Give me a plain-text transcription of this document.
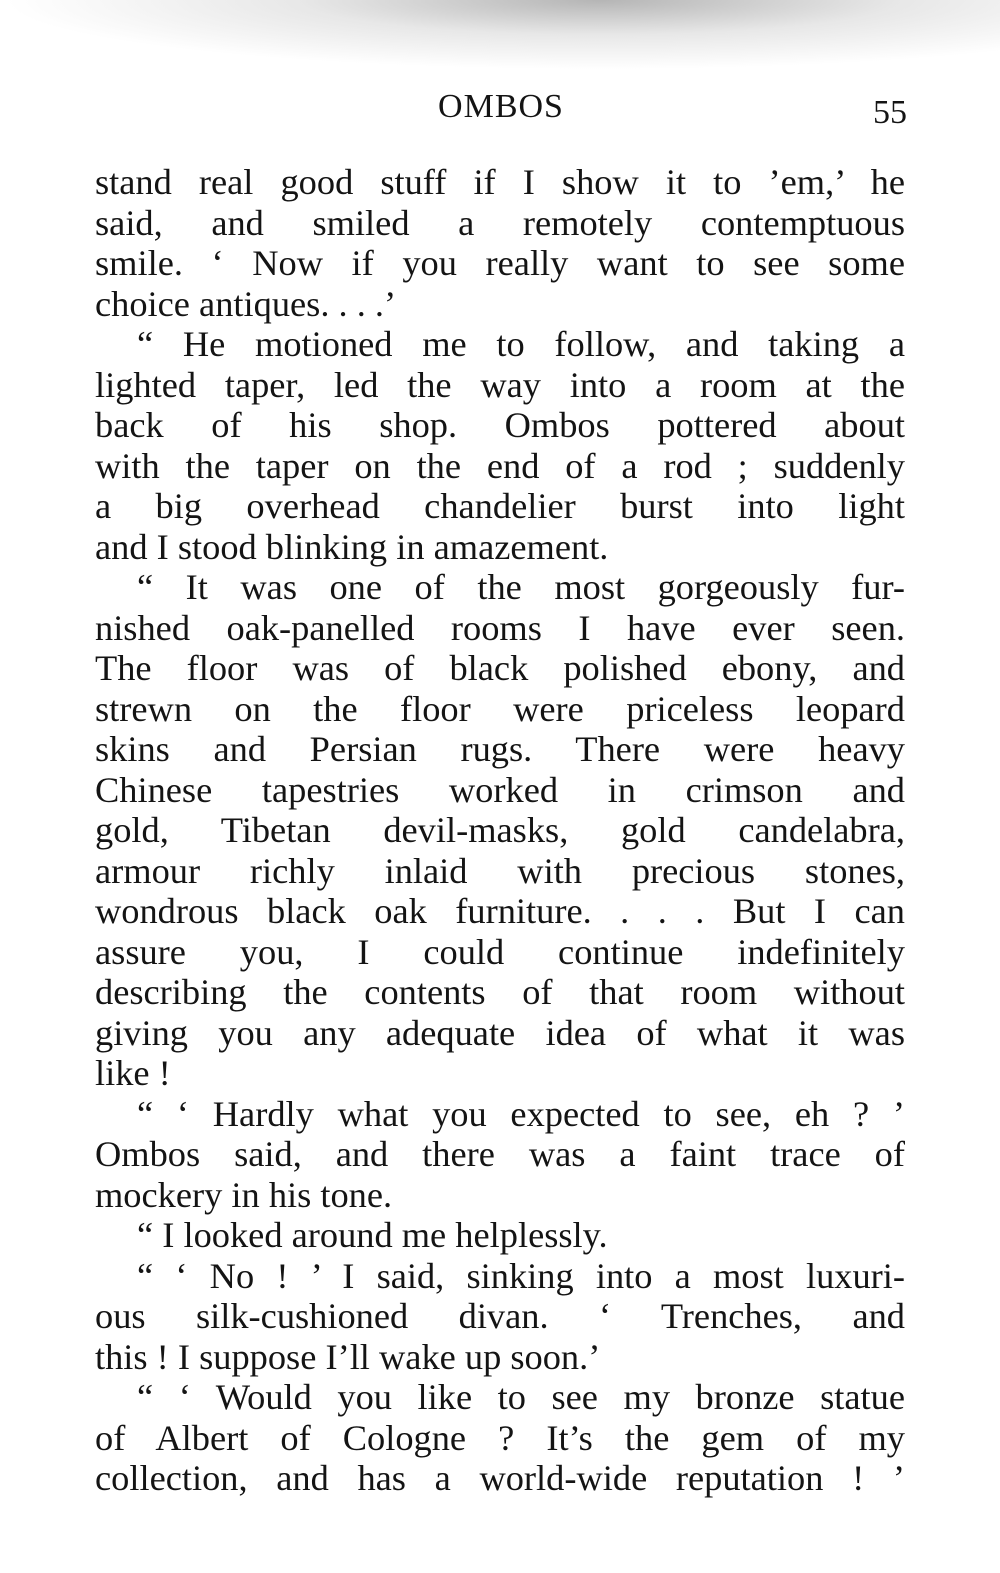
OMBOS	55
stand real good stuff if I show it to ’em,’ he
said, and smiled a remotely contemptuous
smile. ‘ Now if you really want to see some
choice antiques. . . .’
“ He motioned me to follow, and taking a
lighted taper, led the way into a room at the
back of his shop. Ombos pottered about
with the taper on the end of a rod ; suddenly
a big overhead chandelier burst into light
and I stood blinking in amazement.
“ It was one of the most gorgeously fur-
nished oak-panelled rooms I have ever seen.
The floor was of black polished ebony, and
strewn on the floor were priceless leopard
skins and Persian rugs. There were heavy
Chinese tapestries worked in crimson and
gold, Tibetan devil-masks, gold candelabra,
armour richly inlaid with precious stones,
wondrous black oak furniture. . . . But I can
assure you, I could continue indefinitely
describing the contents of that room without
giving you any adequate idea of what it was
like !
“ ‘ Hardly what you expected to see, eh ? ’
Ombos said, and there was a faint trace of
mockery in his tone.
“ I looked around me helplessly.
“ ‘ No ! ’ I said, sinking into a most luxuri-
ous silk-cushioned divan. ‘ Trenches, and
this ! I suppose I’ll wake up soon.’
“ ‘ Would you like to see my bronze statue
of Albert of Cologne ? It’s the gem of my
collection, and has a world-wide reputation ! ’
